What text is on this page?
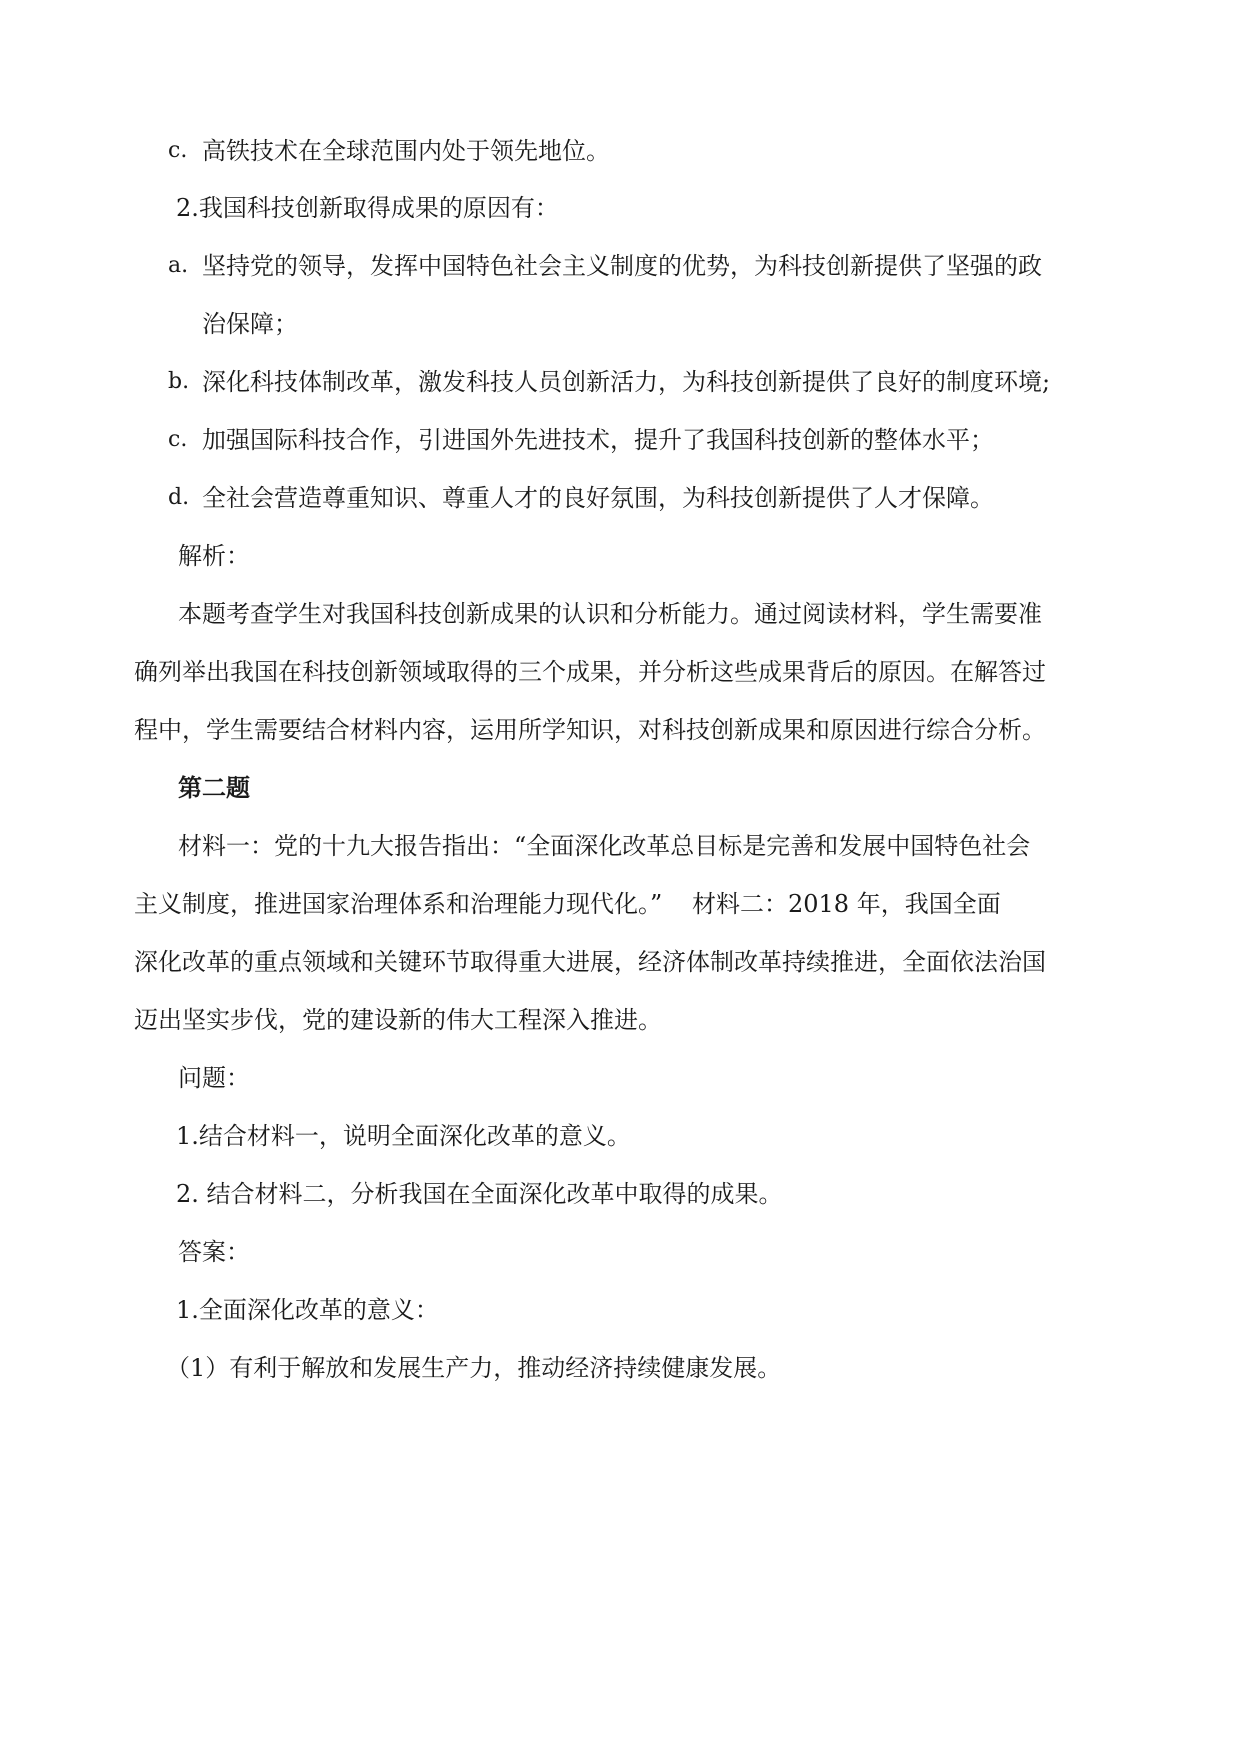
c. 高铁技术在全球范围内处于领先地位。
2.我国科技创新取得成果的原因有：
a. 坚持党的领导，发挥中国特色社会主义制度的优势，为科技创新提供了坚强的政
治保障；
b. 深化科技体制改革，激发科技人员创新活力，为科技创新提供了良好的制度环境;
c. 加强国际科技合作，引进国外先进技术，提升了我国科技创新的整体水平；
d. 全社会营造尊重知识、尊重人才的良好氛围，为科技创新提供了人才保障。
解析：
本题考查学生对我国科技创新成果的认识和分析能力。通过阅读材料，学生需要准
确列举出我国在科技创新领域取得的三个成果，并分析这些成果背后的原因。在解答过
程中，学生需要结合材料内容，运用所学知识，对科技创新成果和原因进行综合分析。
第二题
材料一：党的十九大报告指出：“全面深化改革总目标是完善和发展中国特色社会
主义制度，推进国家治理体系和治理能力现代化。” 材料二：2018 年，我国全面
深化改革的重点领域和关键环节取得重大进展，经济体制改革持续推进，全面依法治国
迈出坚实步伐，党的建设新的伟大工程深入推进。
问题：
1.结合材料一，说明全面深化改革的意义。
2. 结合材料二，分析我国在全面深化改革中取得的成果。
答案：
1.全面深化改革的意义：
（1）有利于解放和发展生产力，推动经济持续健康发展。
